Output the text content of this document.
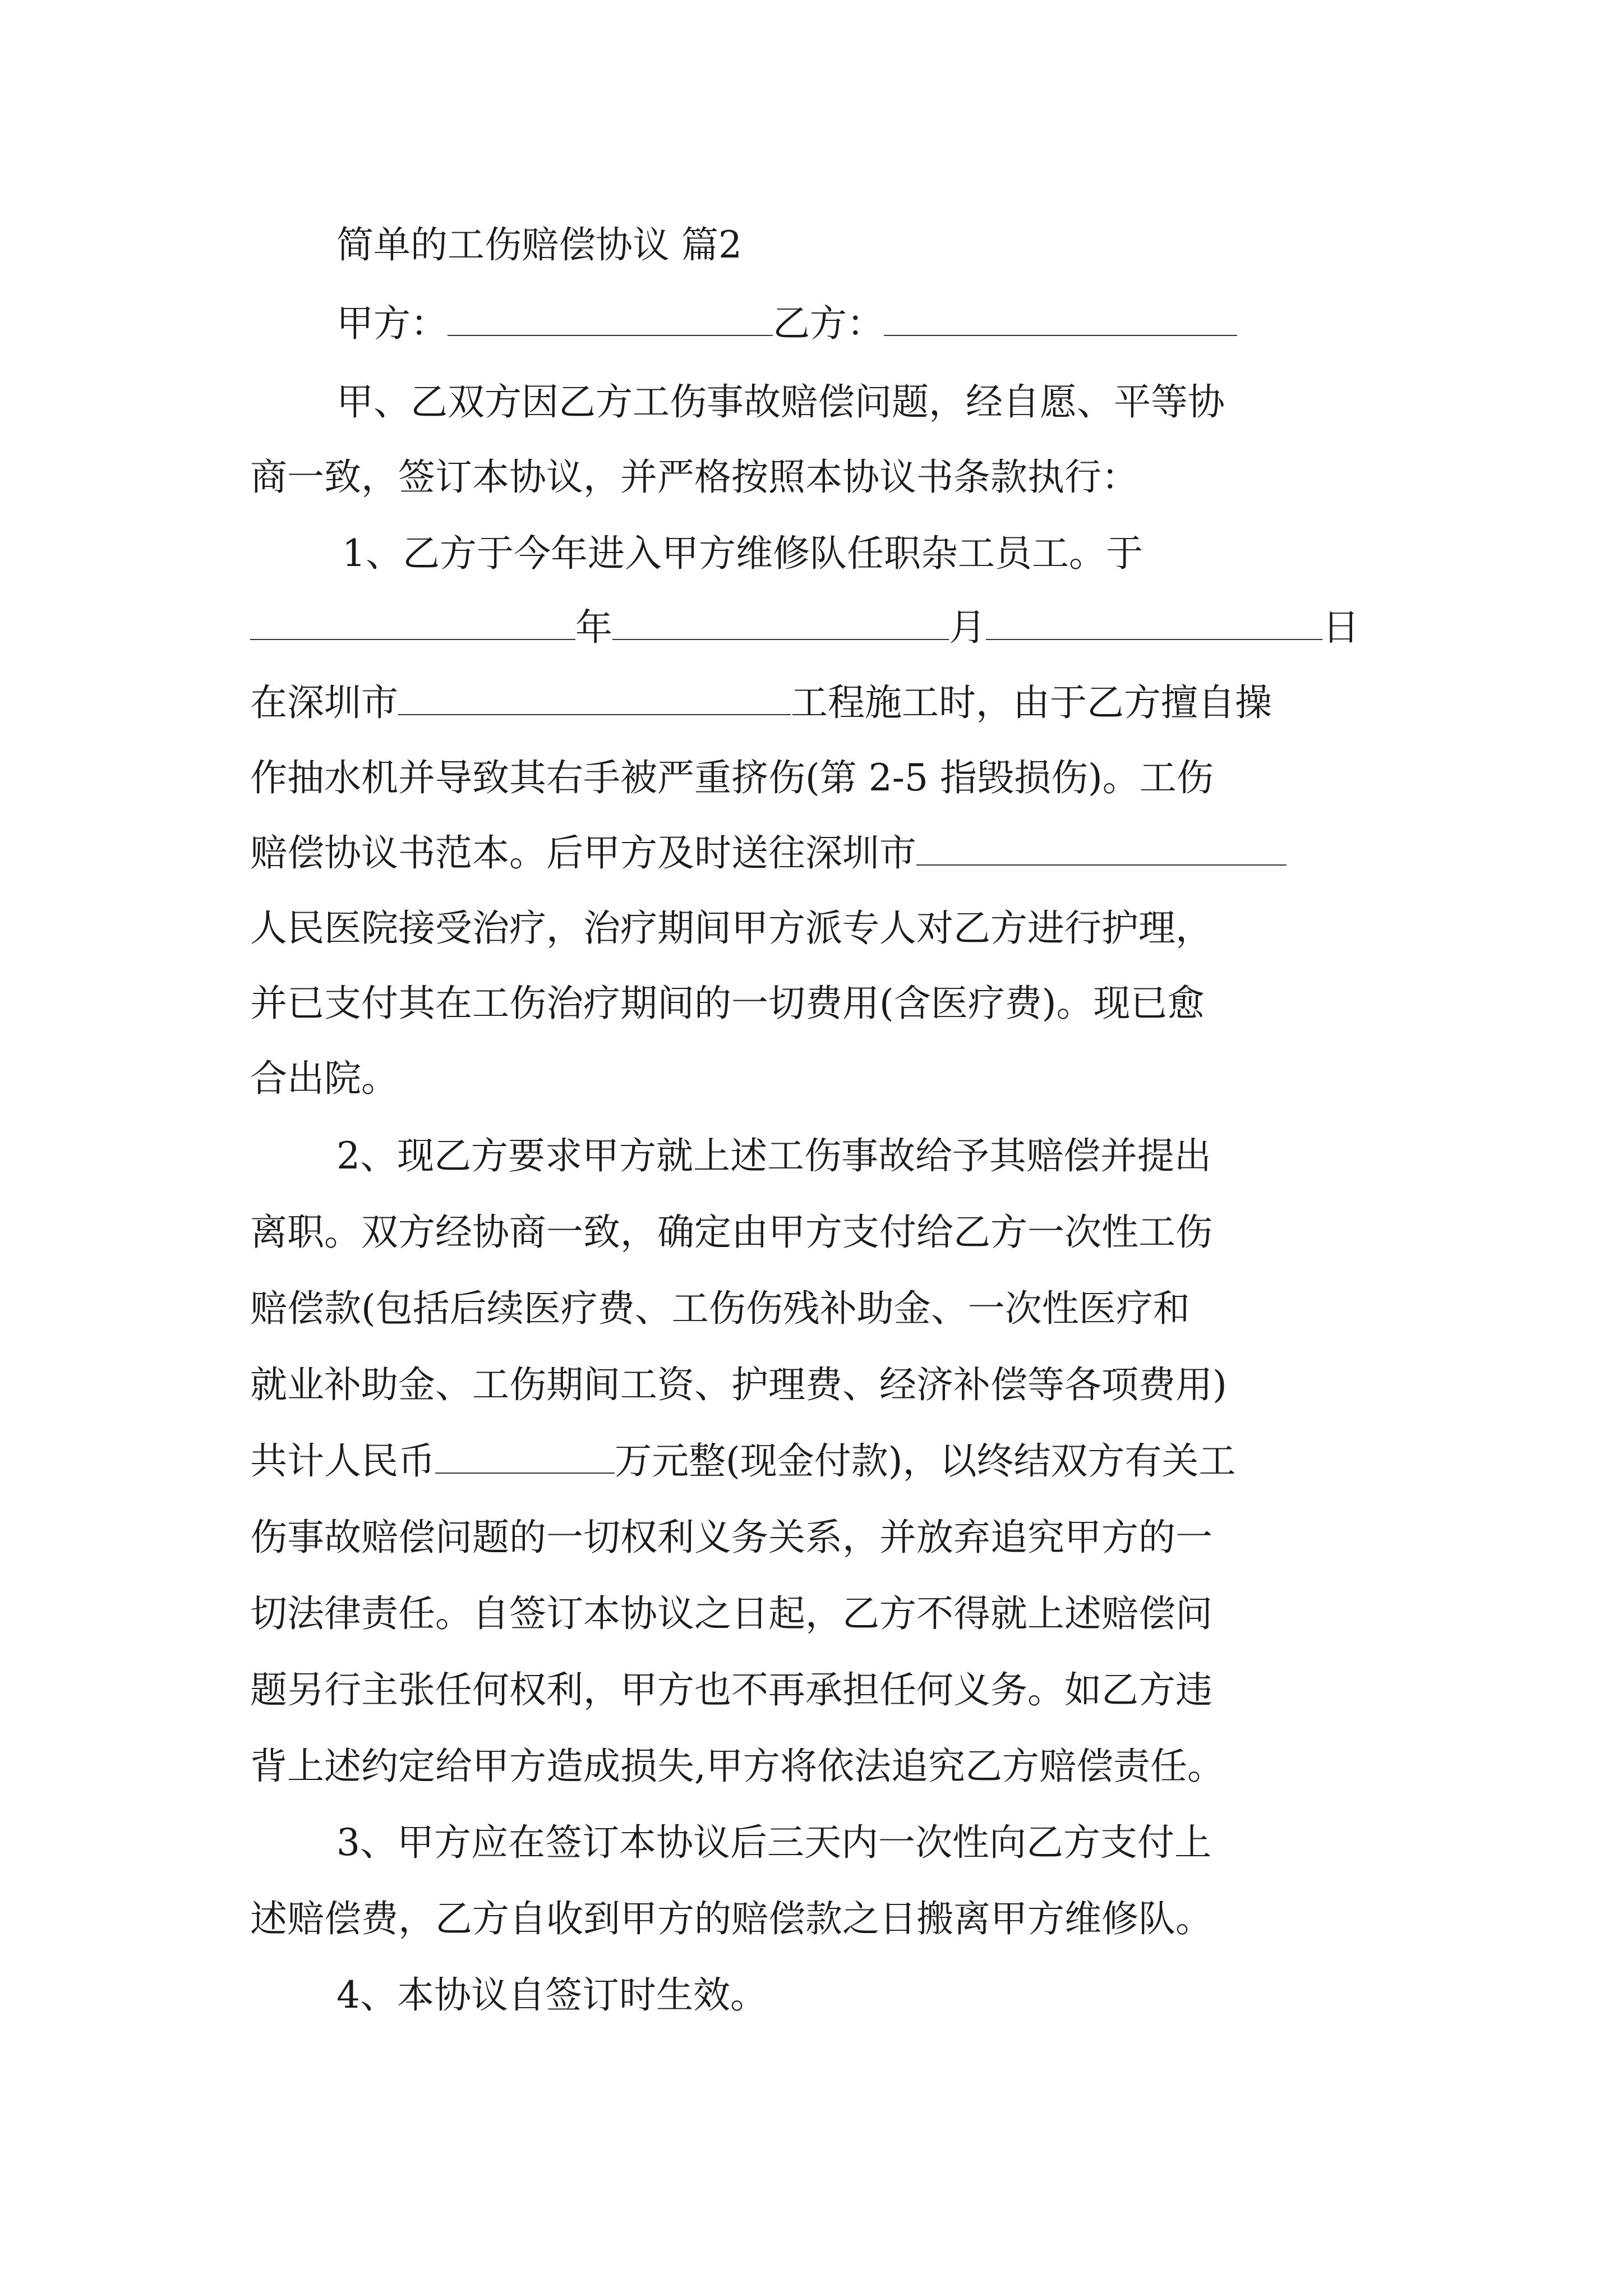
简单的工伤赔偿协议 篇2
甲方：	乙方：
甲、乙双方因乙方工伤事故赔偿问题，经自愿、平等协
商一致，签订本协议，并严格按照本协议书条款执行：
1、乙方于今年进入甲方维修队任职杂工员工。于
年	月	日
在深圳市	工程施工时，由于乙方擅自操
作抽水机并导致其右手被严重挤伤(第 2-5 指毁损伤)。工伤
赔偿协议书范本。后甲方及时送往深圳市
人民医院接受治疗，治疗期间甲方派专人对乙方进行护理，
并已支付其在工伤治疗期间的一切费用(含医疗费)。现已愈
合出院。
2、现乙方要求甲方就上述工伤事故给予其赔偿并提出
离职。双方经协商一致，确定由甲方支付给乙方一次性工伤
赔偿款(包括后续医疗费、工伤伤残补助金、一次性医疗和
就业补助金、工伤期间工资、护理费、经济补偿等各项费用)
共计人民币	万元整(现金付款)，以终结双方有关工
伤事故赔偿问题的一切权利义务关系，并放弃追究甲方的一
切法律责任。自签订本协议之日起，乙方不得就上述赔偿问
题另行主张任何权利，甲方也不再承担任何义务。如乙方违
背上述约定给甲方造成损失,甲方将依法追究乙方赔偿责任。
3、甲方应在签订本协议后三天内一次性向乙方支付上
述赔偿费，乙方自收到甲方的赔偿款之日搬离甲方维修队。
4、本协议自签订时生效。
